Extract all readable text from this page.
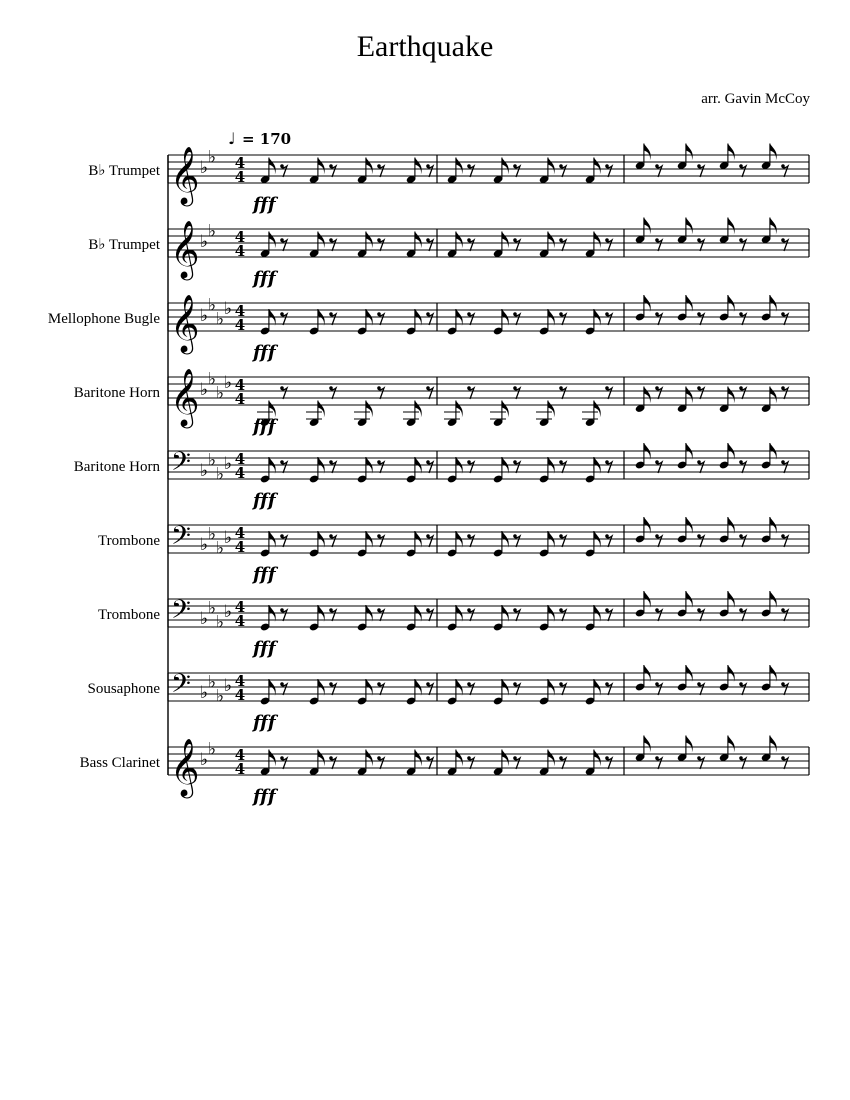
Earthquake
arr. Gavin McCoy
♩ = 170
B♭ Trumpet 𝄞 ♭
♭ 4
4
fff
B♭ Trumpet 𝄞 ♭
♭ 4
4
fff
Mellophone Bugle 𝄞 ♭
♭
♭
♭ 4
4
fff
Baritone Horn 𝄞 ♭
♭
♭
♭ 4
4
fff
Baritone Horn 𝄢 ♭
♭
♭
♭ 4
4
fff
Trombone 𝄢 ♭
♭
♭
♭ 4
4
fff
Trombone 𝄢 ♭
♭
♭
♭ 4
4
fff
Sousaphone 𝄢 ♭
♭
♭
♭ 4
4
fff
Bass Clarinet 𝄞 ♭
♭ 4
4
fff
